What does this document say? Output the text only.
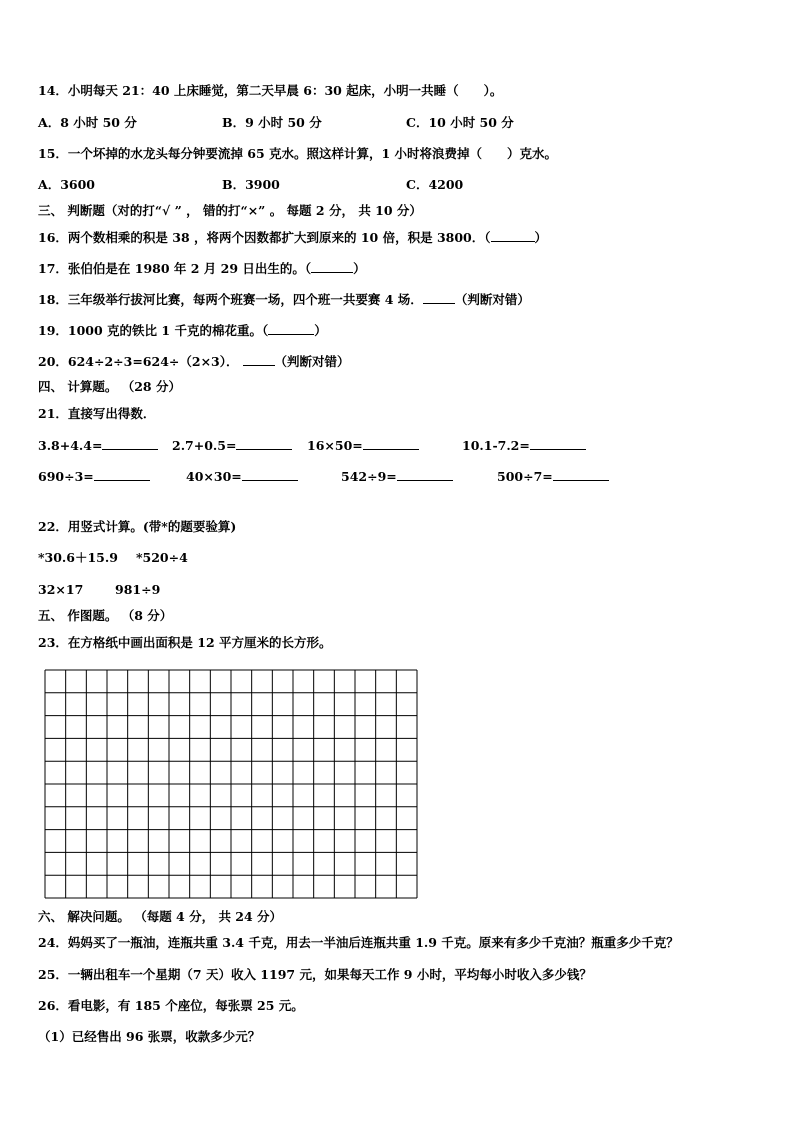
14．小明每天 21：40 上床睡觉，第二天早晨 6：30 起床，小明一共睡（　　）。
A．8 小时 50 分	B．9 小时 50 分	C．10 小时 50 分
15．一个坏掉的水龙头每分钟要流掉 65 克水。照这样计算，1 小时将浪费掉（　　）克水。
A．3600	B．3900	C．4200
三、 判断题（对的打“√ ” ， 错的打“×” 。 每题 2 分， 共 10 分）
16．两个数相乘的积是 38 ，将两个因数都扩大到原来的 10 倍，积是 3800．（	）
17．张伯伯是在 1980 年 2 月 29 日出生的。（	）
18．三年级举行拔河比赛，每两个班赛一场，四个班一共要赛 4 场．	（判断对错）
19．1000 克的铁比 1 千克的棉花重。（	）
20．624÷2÷3=624÷（2×3）．	（判断对错）
四、 计算题。 （28 分）
21．直接写出得数．
3.8+4.4=	2.7+0.5=	16×50=	10.1-7.2=
690÷3=	40×30=	542÷9=	500÷7=
22．用竖式计算。(带*的题要验算)
*30.6＋15.9 *520÷4
32×17	981÷9
五、 作图题。 （8 分）
23．在方格纸中画出面积是 12 平方厘米的长方形。
六、 解决问题。 （每题 4 分， 共 24 分）
24．妈妈买了一瓶油，连瓶共重 3.4 千克，用去一半油后连瓶共重 1.9 千克。原来有多少千克油？瓶重多少千克？
25．一辆出租车一个星期（7 天）收入 1197 元，如果每天工作 9 小时，平均每小时收入多少钱？
26．看电影，有 185 个座位，每张票 25 元。
（1）已经售出 96 张票，收款多少元？
